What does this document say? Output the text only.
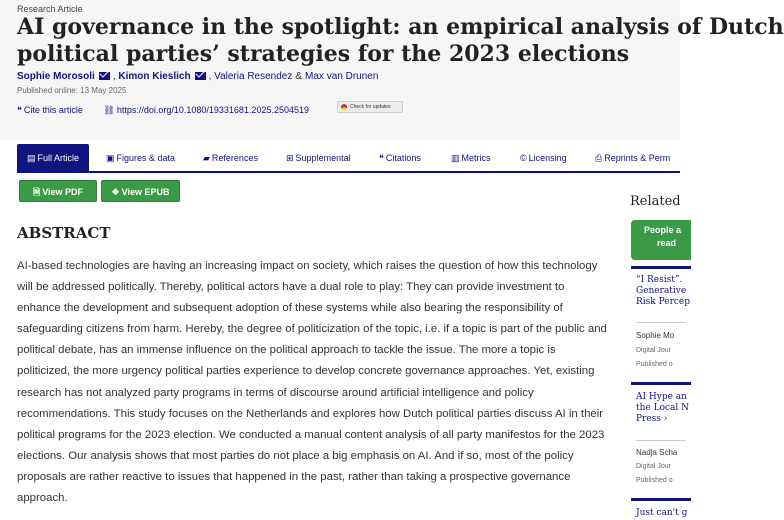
Research Article
AI governance in the spotlight: an empirical analysis of Dutch
political parties’ strategies for the 2023 elections
Sophie Morosoli , Kimon Kieslich , Valeria Resendez & Max van Drunen
Published online: 13 May 2025
❝ Cite this article ⛓ https://doi.org/10.1080/19331681.2025.2504519	Check for updates
▤ Full Article	▣ Figures & data	▰ References	⊞ Supplemental	❝ Citations	▥ Metrics	© Licensing	⎙ Reprints & Perm
🗎 View PDF	❖ View EPUB
ABSTRACT
AI-based technologies are having an increasing impact on society, which raises the question of how this technology will be addressed politically. Thereby, political actors have a dual role to play: They can provide investment to enhance the development and subsequent adoption of these systems while also bearing the responsibility of safeguarding citizens from harm. Hereby, the degree of politicization of the topic, i.e. if a topic is part of the public and political debate, has an immense influence on the political approach to tackle the issue. The more a topic is politicized, the more urgency political parties experience to develop concrete governance approaches. Yet, existing research has not analyzed party programs in terms of discourse around artificial intelligence and policy recommendations. This study focuses on the Netherlands and explores how Dutch political parties discuss AI in their political programs for the 2023 election. We conducted a manual content analysis of all party manifestos for the 2023 elections. Our analysis shows that most parties do not place a big emphasis on AI. And if so, most of the policy proposals are rather reactive to issues that happened in the past, rather than taking a prospective governance approach.
Related
People a
read
“I Resist”.
Generative
Risk Percep
Sophie Mo
Digital Jour
Published o
AI Hype an
the Local N
Press ›
Nadja Scha
Digital Jour
Published o
Just can't g
